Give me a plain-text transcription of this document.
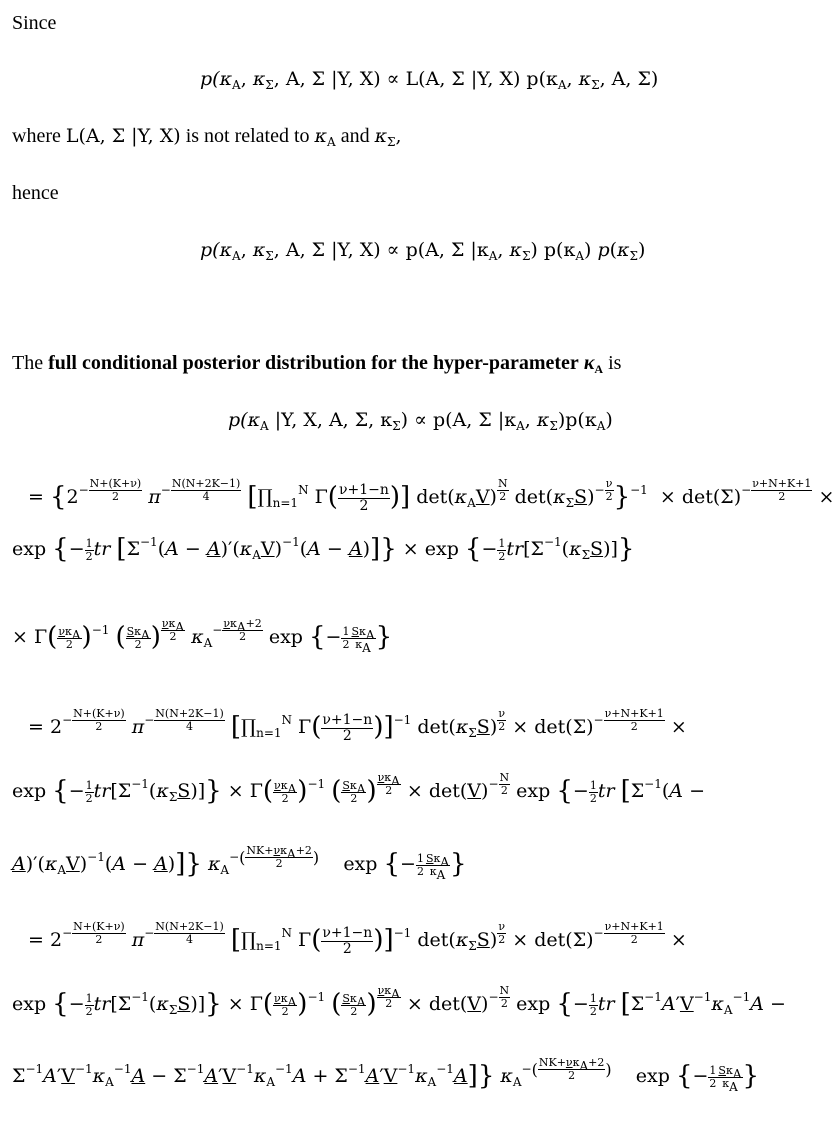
Since
$p(\kappa_A$, $\kappa_\Sigma$, A, Σ |Y, X) ∝ L(A, Σ |Y, X) $p(\kappa_A$, $\kappa_\Sigma$, A, Σ)
where L(A, Σ |Y, X) is not related to $\kappa_A$ and $\kappa_\Sigma$,
hence
$p(\kappa_A$, $\kappa_\Sigma$, A, Σ |Y, X) ∝ p(A, Σ $|\kappa_A$, $\kappa_\Sigma$) $p(\kappa_A)$ $p(\kappa_\Sigma)$
The full conditional posterior distribution for the hyper-parameter $\kappa_A$ is
$p(\kappa_A$ |Y, X, A, Σ, $\kappa_\Sigma) \propto p(A$, Σ $|\kappa_A$, $\kappa_\Sigma)p(\kappa_A)$
= {$2^{- \frac{N+(K+\nu)}{2}}$ $\pi^{- \frac{N(N+2K-1)}{4}}$ [$\prod_{n=1}^N$ $\Gamma( \frac{\nu+1-n}{2}$ )] $\det(\kappa_AV)$ $^{\frac{N}{2}}$ $\det(\kappa_\Sigma S)^{- \frac{\nu}{2}}$ }$^{-1} \times \det(\Sigma)^{- \frac{\nu+N+K+1}{2}}$ ×
exp {− $\frac{1}{2}$ tr $[\Sigma^{-1}(A - A)'(\kappa_AV)^{-1}(A - A)]\} \times \exp$ {− $\frac{1}{2} tr[\Sigma^{-1}(\kappa_\Sigma S)]$}
× $\Gamma( \frac{\nu\kappa_A}{2} )^{-1}$ ( $\frac{S\kappa_A}{2}$ ) $^{\frac{\nu\kappa_A}{2}}$ $\kappa_A^{- \frac{\nu\kappa_A+2}{2}}$ exp {− $\frac{1}{2} \frac{S\kappa_A}{\kappa_A}$ }
= $2^{- \frac{N+(K+\nu)}{2}}$ $\pi^{- \frac{N(N+2K-1)}{4}}$ [$\prod_{n=1}^N$ $\Gamma( \frac{\nu+1-n}{2} )]^{-1}$ $\det(\kappa_\Sigma S) ^{\frac{\nu}{2}} \times \det(\Sigma)^{- \frac{\nu+N+K+1}{2}}$ ×
exp {− $\frac{1}{2} tr[\Sigma^{-1}(\kappa_\Sigma S)]\} \times \Gamma( \frac{\nu\kappa_A}{2} )^{-1}$ ( $\frac{S\kappa_A}{2}$ ) $^{\frac{\nu\kappa_A}{2}} \times \det(V)^{- \frac{N}{2}}$ exp {− $\frac{1}{2}$ tr [$\Sigma^{-1}(A$ −
$A)'(\kappa_AV)^{-1}(A - A)$]} $\kappa_A^{-( \frac{NK+\nu\kappa_A+2}{2} )}$    exp {− $\frac{1}{2} \frac{S\kappa_A}{\kappa_A}$ }
= $2^{- \frac{N+(K+\nu)}{2}}$ $\pi^{- \frac{N(N+2K-1)}{4}}$ [$\prod_{n=1}^N$ $\Gamma( \frac{\nu+1-n}{2} )]^{-1}$ $\det(\kappa_\Sigma S) ^{\frac{\nu}{2}} \times \det(\Sigma)^{- \frac{\nu+N+K+1}{2}}$ ×
exp {− $\frac{1}{2} tr[\Sigma^{-1}(\kappa_\Sigma S)]\} \times \Gamma( \frac{\nu\kappa_A}{2} )^{-1}$ ( $\frac{S\kappa_A}{2}$ ) $^{\frac{\nu\kappa_A}{2}} \times \det(V)^{- \frac{N}{2}}$ exp {− $\frac{1}{2}$ tr [$\Sigma^{-1}A'V^{-1}\kappa_A^{-1}A$ −
$\Sigma^{-1}A'V^{-1}\kappa_A^{-1}A - \Sigma^{-1}A'V^{-1}\kappa_A^{-1}A + \Sigma^{-1}A'V^{-1}\kappa_A^{-1}A$]} $\kappa_A^{-( \frac{NK+\nu\kappa_A+2}{2} )}$    exp {− $\frac{1}{2} \frac{S\kappa_A}{\kappa_A}$ }
